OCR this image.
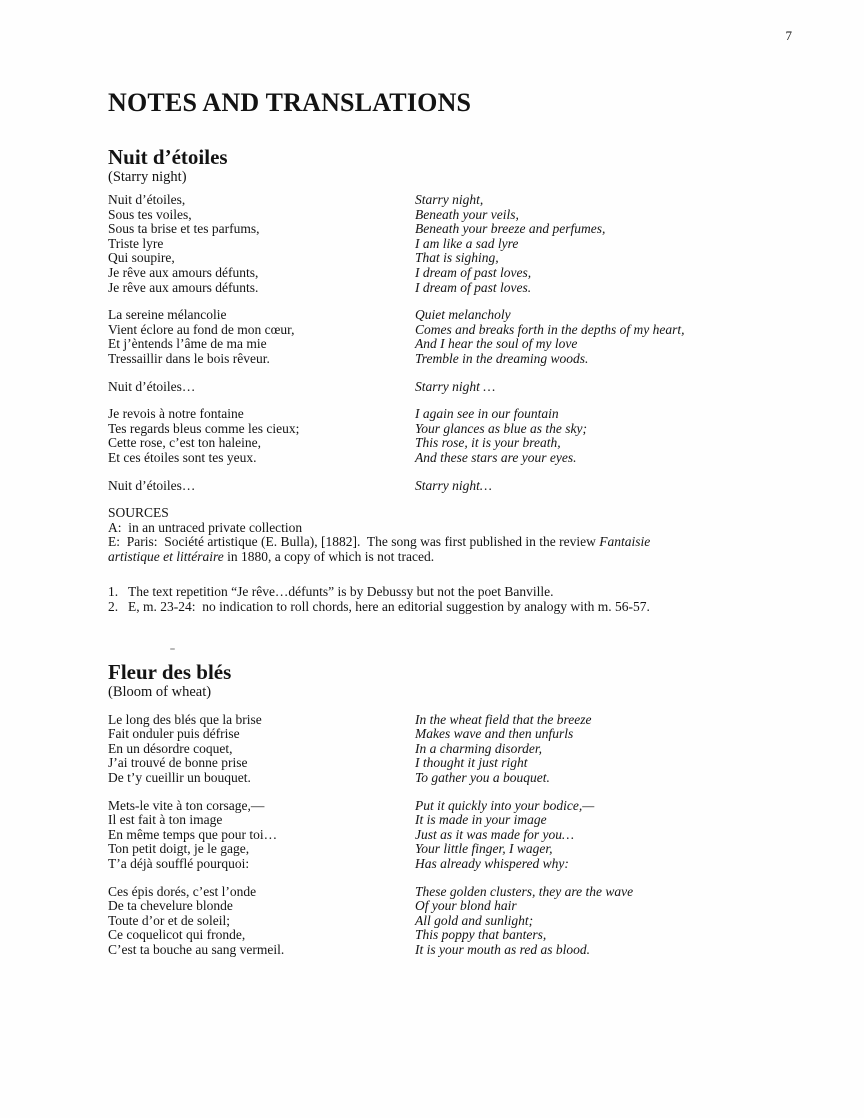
7
NOTES AND TRANSLATIONS
Nuit d’étoiles
(Starry night)
Nuit d’étoiles,
Sous tes voiles,
Sous ta brise et tes parfums,
Triste lyre
Qui soupire,
Je rêve aux amours défunts,
Je rêve aux amours défunts.
Starry night,
Beneath your veils,
Beneath your breeze and perfumes,
I am like a sad lyre
That is sighing,
I dream of past loves,
I dream of past loves.
La sereine mélancolie
Vient éclore au fond de mon cœur,
Et j’èntends l’âme de ma mie
Tressaillir dans le bois rêveur.
Quiet melancholy
Comes and breaks forth in the depths of my heart,
And I hear the soul of my love
Tremble in the dreaming woods.
Nuit d’étoiles…	Starry night …
Je revois à notre fontaine
Tes regards bleus comme les cieux;
Cette rose, c’est ton haleine,
Et ces étoiles sont tes yeux.
I again see in our fountain
Your glances as blue as the sky;
This rose, it is your breath,
And these stars are your eyes.
Nuit d’étoiles…	Starry night…
SOURCES
A:  in an untraced private collection
E:  Paris:  Société artistique (E. Bulla), [1882].  The song was first published in the review Fantaisie
artistique et littéraire in 1880, a copy of which is not traced.
1. The text repetition “Je rêve…défunts” is by Debussy but not the poet Banville.
2. E, m. 23-24:  no indication to roll chords, here an editorial suggestion by analogy with m. 56-57.
Fleur des blés
(Bloom of wheat)
Le long des blés que la brise
Fait onduler puis défrise
En un désordre coquet,
J’ai trouvé de bonne prise
De t’y cueillir un bouquet.
In the wheat field that the breeze
Makes wave and then unfurls
In a charming disorder,
I thought it just right
To gather you a bouquet.
Mets-le vite à ton corsage,—
Il est fait à ton image
En même temps que pour toi…
Ton petit doigt, je le gage,
T’a déjà soufflé pourquoi:
Put it quickly into your bodice,—
It is made in your image
Just as it was made for you…
Your little finger, I wager,
Has already whispered why:
Ces épis dorés, c’est l’onde
De ta chevelure blonde
Toute d’or et de soleil;
Ce coquelicot qui fronde,
C’est ta bouche au sang vermeil.
These golden clusters, they are the wave
Of your blond hair
All gold and sunlight;
This poppy that banters,
It is your mouth as red as blood.
